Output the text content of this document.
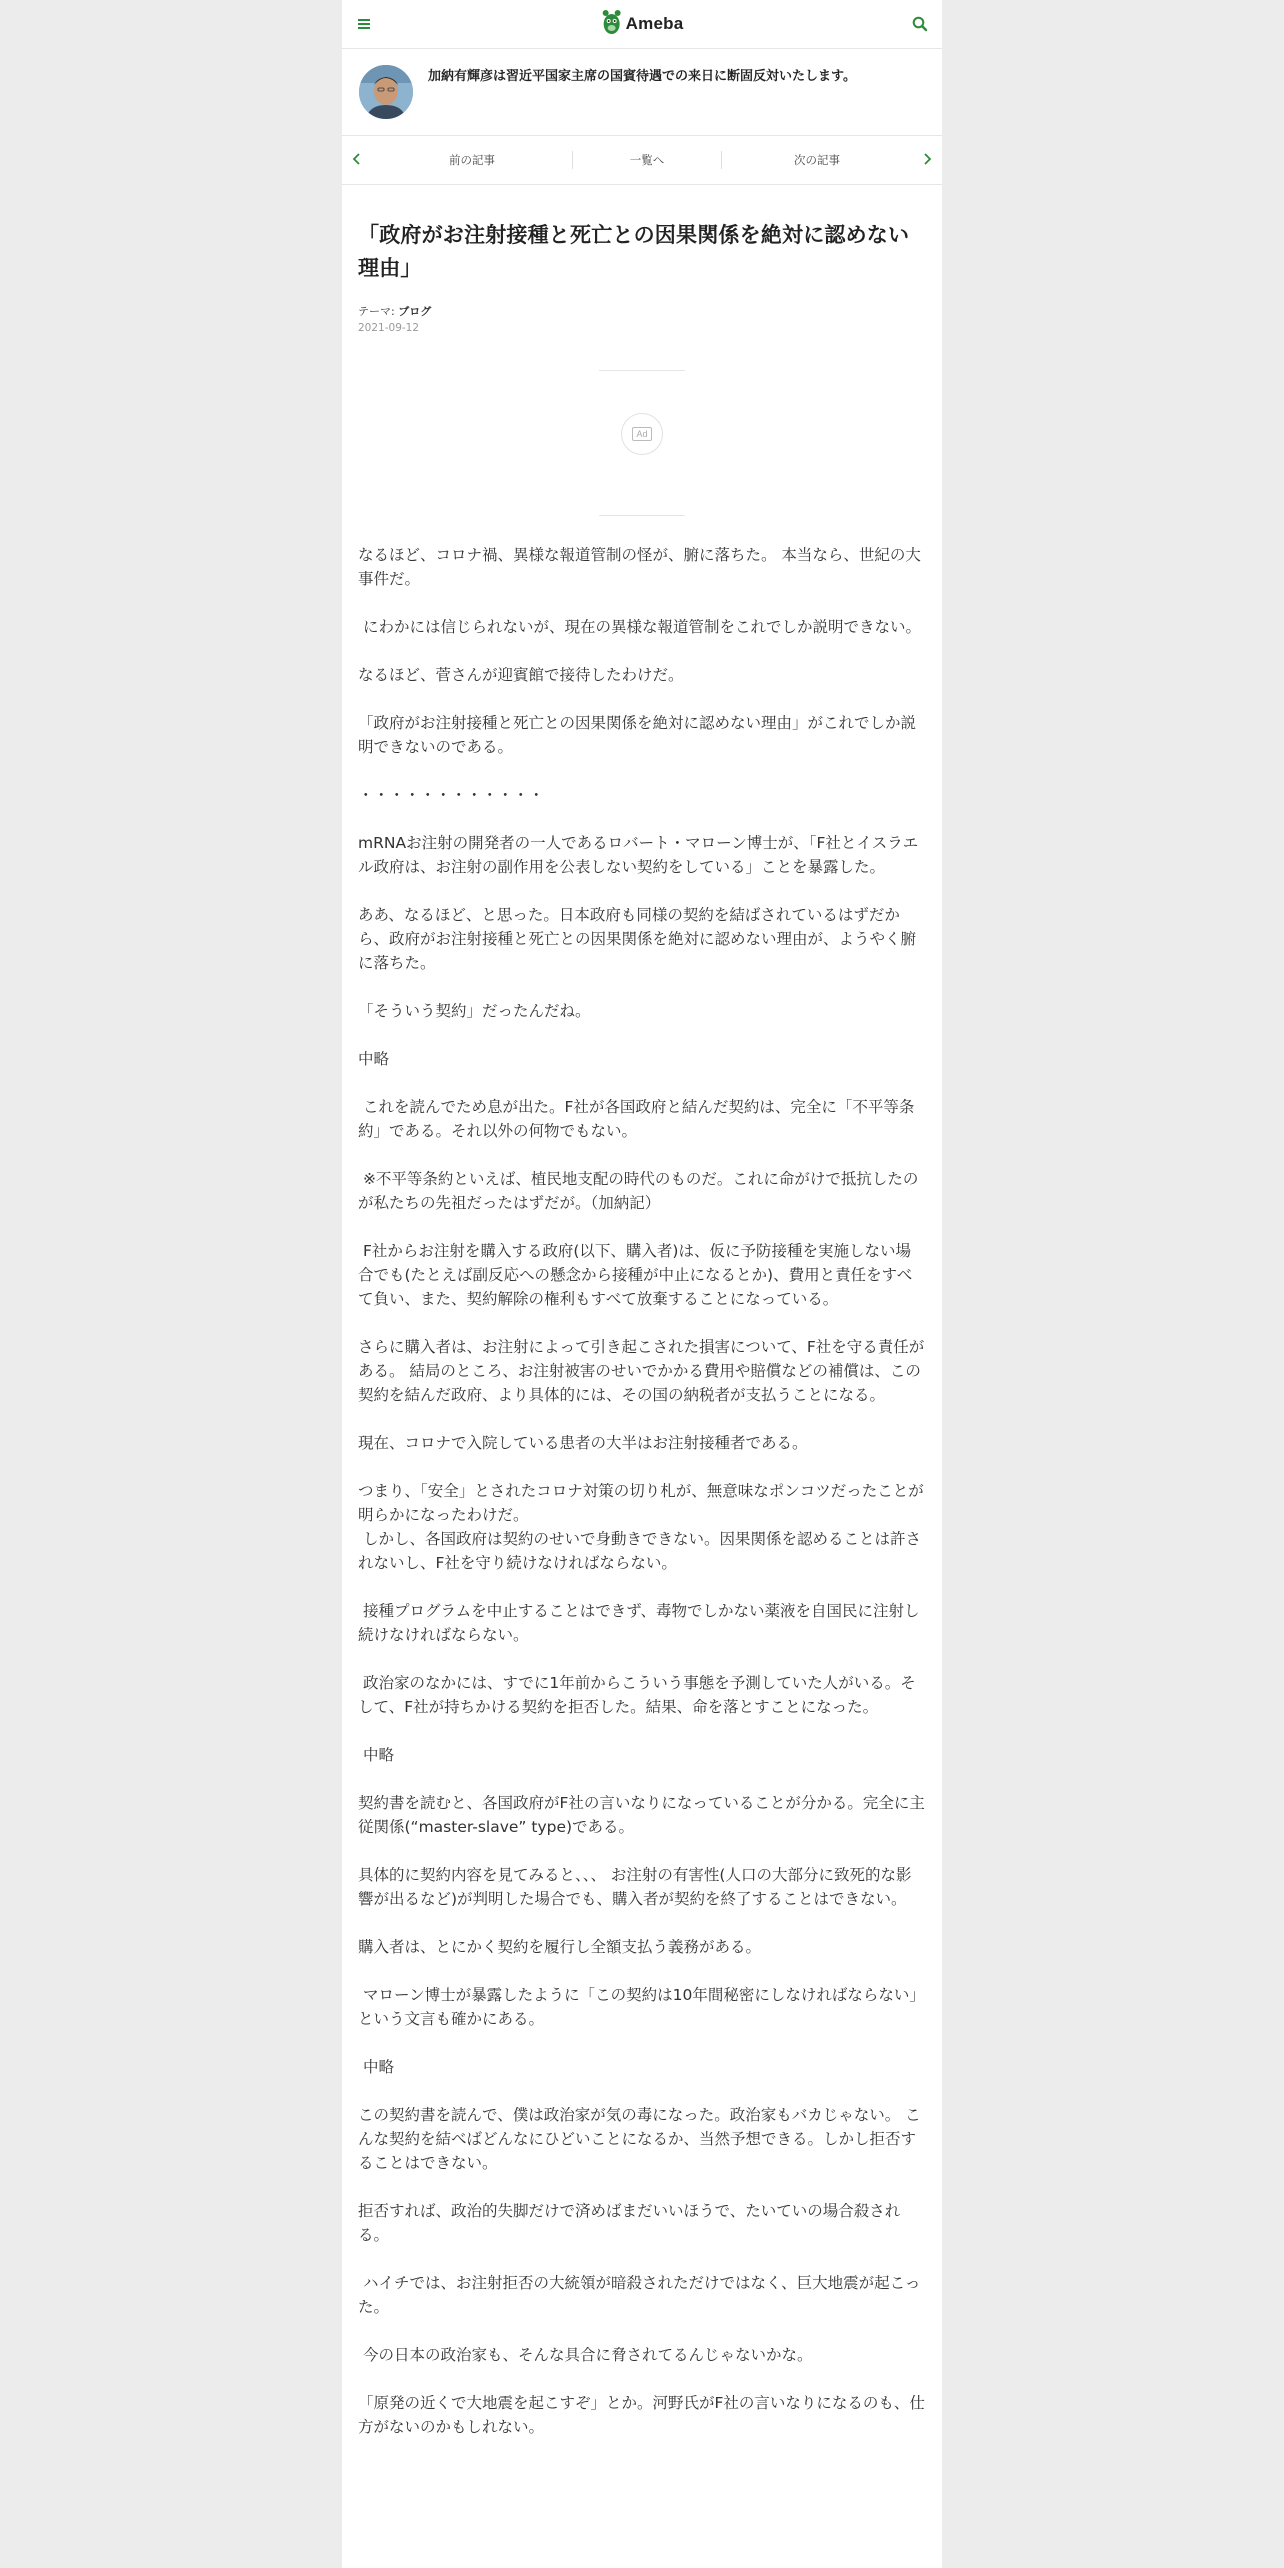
Ameba
加納有輝彦は習近平国家主席の国賓待遇での来日に断固反対いたします。
前の記事	一覧へ	次の記事
「政府がお注射接種と死亡との因果関係を絶対に認めない理由」
テーマ: ブログ
2021-09-12
Ad

なるほど、コロナ禍、異様な報道管制の怪が、腑に落ちた。 本当なら、世紀の大事件だ。

にわかには信じられないが、現在の異様な報道管制をこれでしか説明できない。

なるほど、菅さんが迎賓館で接待したわけだ。

「政府がお注射接種と死亡との因果関係を絶対に認めない理由」がこれでしか説明できないのである。

・・・・・・・・・・・・

mRNAお注射の開発者の一人であるロバート・マローン博士が、「F社とイスラエル政府は、お注射の副作用を公表しない契約をしている」ことを暴露した。

ああ、なるほど、と思った。日本政府も同様の契約を結ばされているはずだから、政府がお注射接種と死亡との因果関係を絶対に認めない理由が、ようやく腑に落ちた。

「そういう契約」だったんだね。

中略

これを読んでため息が出た。F社が各国政府と結んだ契約は、完全に「不平等条約」である。それ以外の何物でもない。

※不平等条約といえば、植民地支配の時代のものだ。これに命がけで抵抗したのが私たちの先祖だったはずだが。（加納記）

F社からお注射を購入する政府(以下、購入者)は、仮に予防接種を実施しない場合でも(たとえば副反応への懸念から接種が中止になるとか)、費用と責任をすべて負い、また、契約解除の権利もすべて放棄することになっている。

さらに購入者は、お注射によって引き起こされた損害について、F社を守る責任がある。 結局のところ、お注射被害のせいでかかる費用や賠償などの補償は、この契約を結んだ政府、より具体的には、その国の納税者が支払うことになる。

現在、コロナで入院している患者の大半はお注射接種者である。

つまり、「安全」とされたコロナ対策の切り札が、無意味なポンコツだったことが明らかになったわけだ。
しかし、各国政府は契約のせいで身動きできない。因果関係を認めることは許されないし、F社を守り続けなければならない。

接種プログラムを中止することはできず、毒物でしかない薬液を自国民に注射し続けなければならない。

政治家のなかには、すでに1年前からこういう事態を予測していた人がいる。そして、F社が持ちかける契約を拒否した。結果、命を落とすことになった。

中略

契約書を読むと、各国政府がF社の言いなりになっていることが分かる。完全に主従関係(“master-slave” type)である。

具体的に契約内容を見てみると、、、 お注射の有害性(人口の大部分に致死的な影響が出るなど)が判明した場合でも、購入者が契約を終了することはできない。

購入者は、とにかく契約を履行し全額支払う義務がある。

マローン博士が暴露したように「この契約は10年間秘密にしなければならない」という文言も確かにある。

中略

この契約書を読んで、僕は政治家が気の毒になった。政治家もバカじゃない。 こんな契約を結べばどんなにひどいことになるか、当然予想できる。しかし拒否することはできない。

拒否すれば、政治的失脚だけで済めばまだいいほうで、たいていの場合殺される。

ハイチでは、お注射拒否の大統領が暗殺されただけではなく、巨大地震が起こった。

今の日本の政治家も、そんな具合に脅されてるんじゃないかな。

「原発の近くで大地震を起こすぞ」とか。河野氏がF社の言いなりになるのも、仕方がないのかもしれない。
